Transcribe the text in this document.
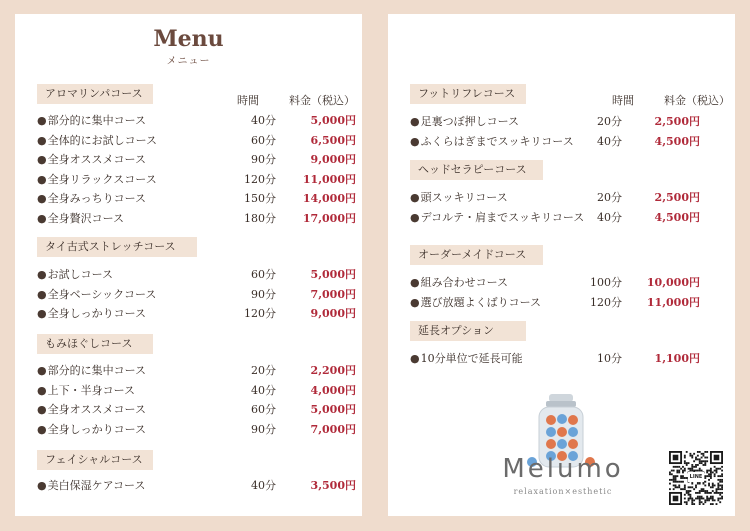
Menu
メニュー
時間	料金（税込）
アロマリンパコース
● 部分的に集中コース	40分	5,000円
● 全体的にお試しコース	60分	6,500円
● 全身オススメコース	90分	9,000円
● 全身リラックスコース	120分	11,000円
● 全身みっちりコース	150分	14,000円
● 全身贅沢コース	180分	17,000円
タイ古式ストレッチコース
● お試しコース	60分	5,000円
● 全身ベーシックコース	90分	7,000円
● 全身しっかりコース	120分	9,000円
もみほぐしコース
● 部分的に集中コース	20分	2,200円
● 上下・半身コース	40分	4,000円
● 全身オススメコース	60分	5,000円
● 全身しっかりコース	90分	7,000円
フェイシャルコース
● 美白保湿ケアコース	40分	3,500円
時間	料金（税込）
フットリフレコース
● 足裏つぼ押しコース	20分	2,500円
● ふくらはぎまでスッキリコース	40分	4,500円
ヘッドセラピーコース
● 頭スッキリコース	20分	2,500円
● デコルテ・肩までスッキリコース	40分	4,500円
オーダーメイドコース
● 組み合わせコース	100分	10,000円
● 選び放題よくばりコース	120分	11,000円
延長オプション
● 10分単位で延長可能	10分	1,100円
Melumo
relaxation×esthetic
LINE
